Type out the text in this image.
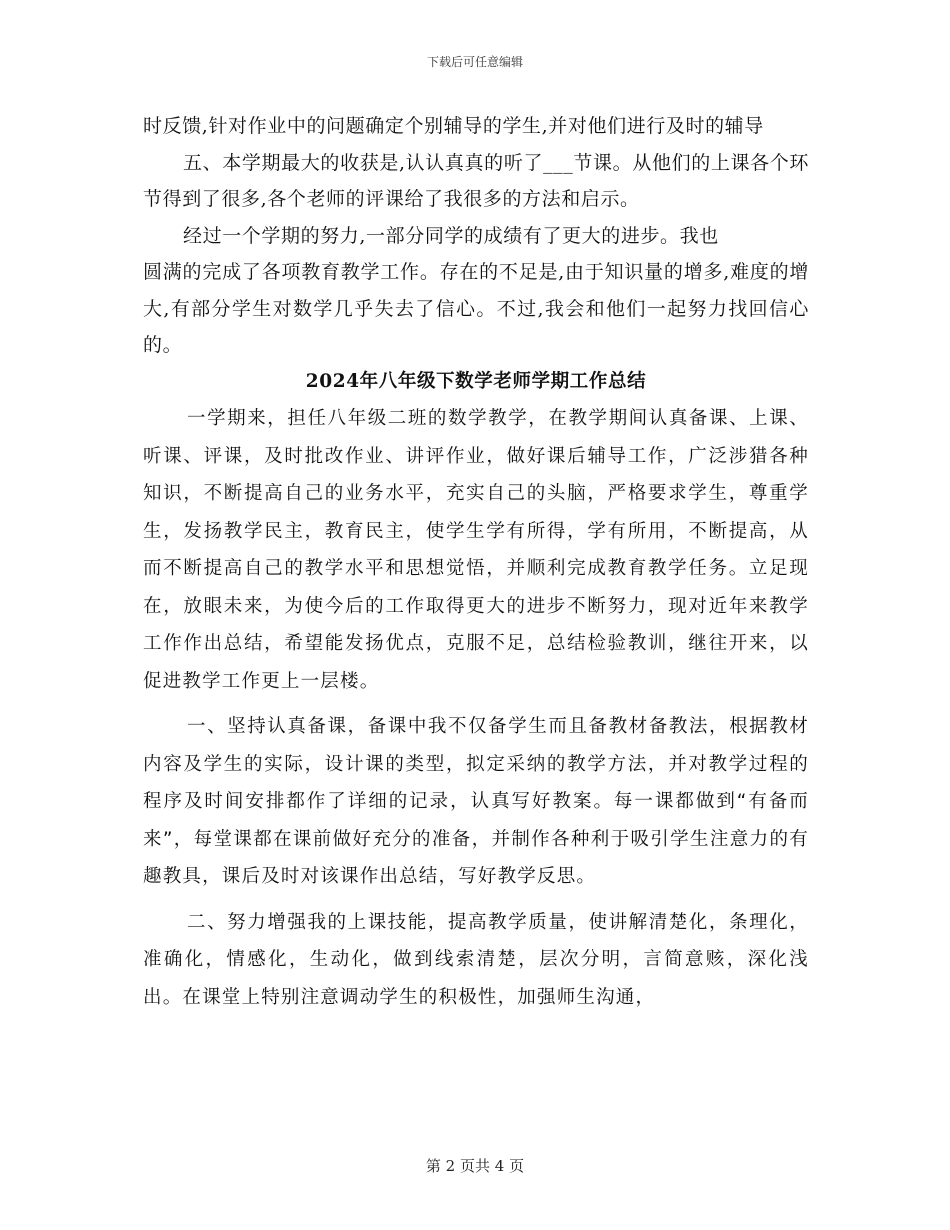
下载后可任意编辑

时反馈,针对作业中的问题确定个别辅导的学生,并对他们进行及时的辅导

五、本学期最大的收获是,认认真真的听了___节课。从他们的上课各个环节得到了很多,各个老师的评课给了我很多的方法和启示。

经过一个学期的努力,一部分同学的成绩有了更大的进步。我也

圆满的完成了各项教育教学工作。存在的不足是,由于知识量的增多,难度的增大,有部分学生对数学几乎失去了信心。不过,我会和他们一起努力找回信心的。

2024年八年级下数学老师学期工作总结

一学期来，担任八年级二班的数学教学，在教学期间认真备课、上课、听课、评课，及时批改作业、讲评作业，做好课后辅导工作，广泛涉猎各种知识，不断提高自己的业务水平，充实自己的头脑，严格要求学生，尊重学生，发扬教学民主，教育民主，使学生学有所得，学有所用，不断提高，从而不断提高自己的教学水平和思想觉悟，并顺利完成教育教学任务。立足现在，放眼未来，为使今后的工作取得更大的进步不断努力，现对近年来教学工作作出总结，希望能发扬优点，克服不足，总结检验教训，继往开来，以促进教学工作更上一层楼。

一、坚持认真备课，备课中我不仅备学生而且备教材备教法，根据教材内容及学生的实际，设计课的类型，拟定采纳的教学方法，并对教学过程的程序及时间安排都作了详细的记录，认真写好教案。每一课都做到“有备而来”，每堂课都在课前做好充分的准备，并制作各种利于吸引学生注意力的有趣教具，课后及时对该课作出总结，写好教学反思。

二、努力增强我的上课技能，提高教学质量，使讲解清楚化，条理化，准确化，情感化，生动化，做到线索清楚，层次分明，言简意赅，深化浅出。在课堂上特别注意调动学生的积极性，加强师生沟通，

第 2 页共 4 页
